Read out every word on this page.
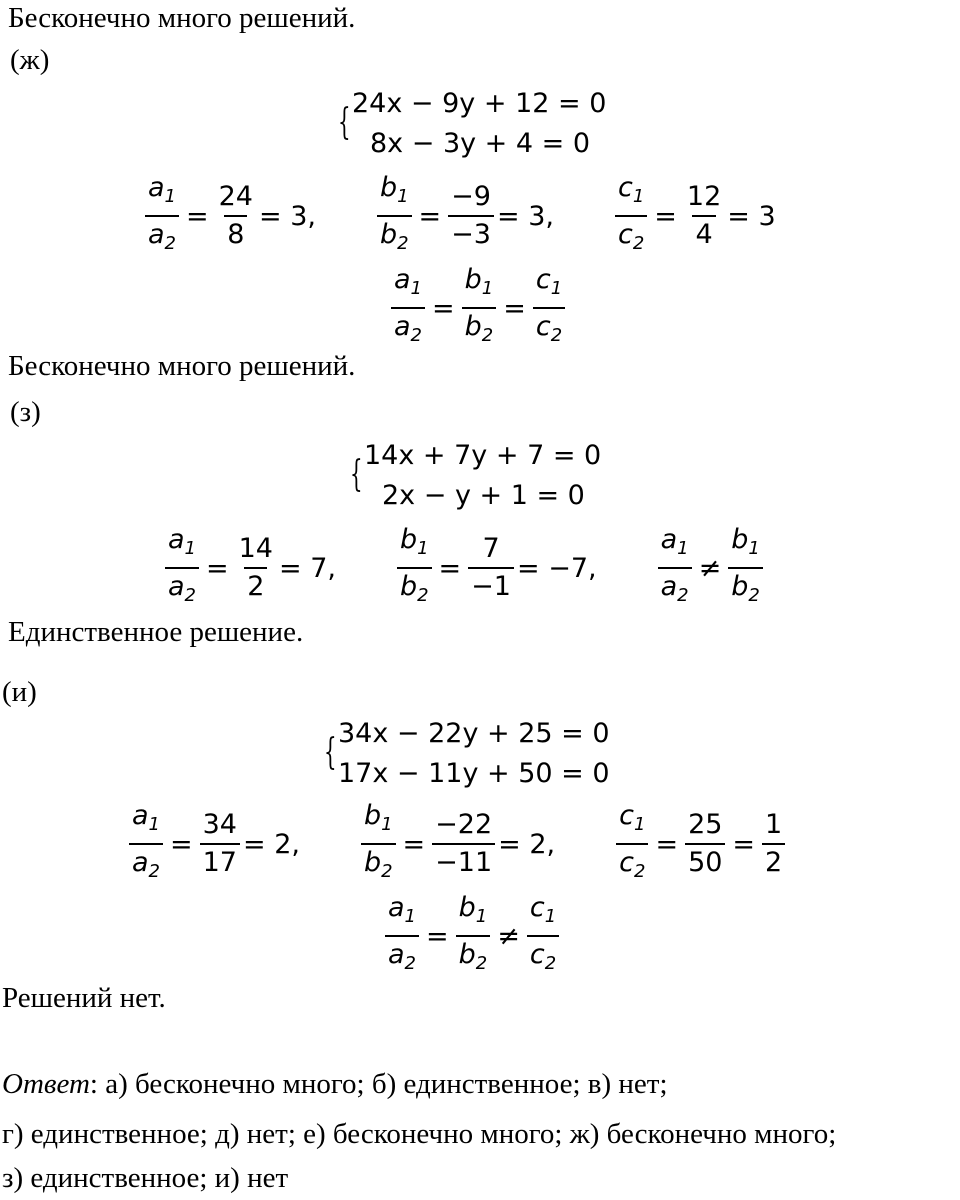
Бесконечно много решений.
(ж)
{ 24x − 9y + 12 = 0
8x − 3y + 4 = 0
$\frac{a_1}{a_2} = \frac{24}{8} = 3$, $\frac{b_1}{b_2} = \frac{-9}{-3} = 3$, $\frac{c_1}{c_2} = \frac{12}{4} = 3$
$\frac{a_1}{a_2} = \frac{b_1}{b_2} = \frac{c_1}{c_2}$
Бесконечно много решений.
(з)
{ 14x + 7y + 7 = 0
2x − y + 1 = 0
$\frac{a_1}{a_2} = \frac{14}{2} = 7$, $\frac{b_1}{b_2} = \frac{7}{-1} = -7$, $\frac{a_1}{a_2} \ne \frac{b_1}{b_2}$
Единственное решение.
(и)
{ 34x − 22y + 25 = 0
17x − 11y + 50 = 0
$\frac{a_1}{a_2} = \frac{34}{17} = 2$, $\frac{b_1}{b_2} = \frac{-22}{-11} = 2$, $\frac{c_1}{c_2} = \frac{25}{50} = \frac{1}{2}$
$\frac{a_1}{a_2} = \frac{b_1}{b_2} \ne \frac{c_1}{c_2}$
Решений нет.
Ответ: а) бесконечно много; б) единственное; в) нет;
г) единственное; д) нет; е) бесконечно много; ж) бесконечно много;
з) единственное; и) нет
